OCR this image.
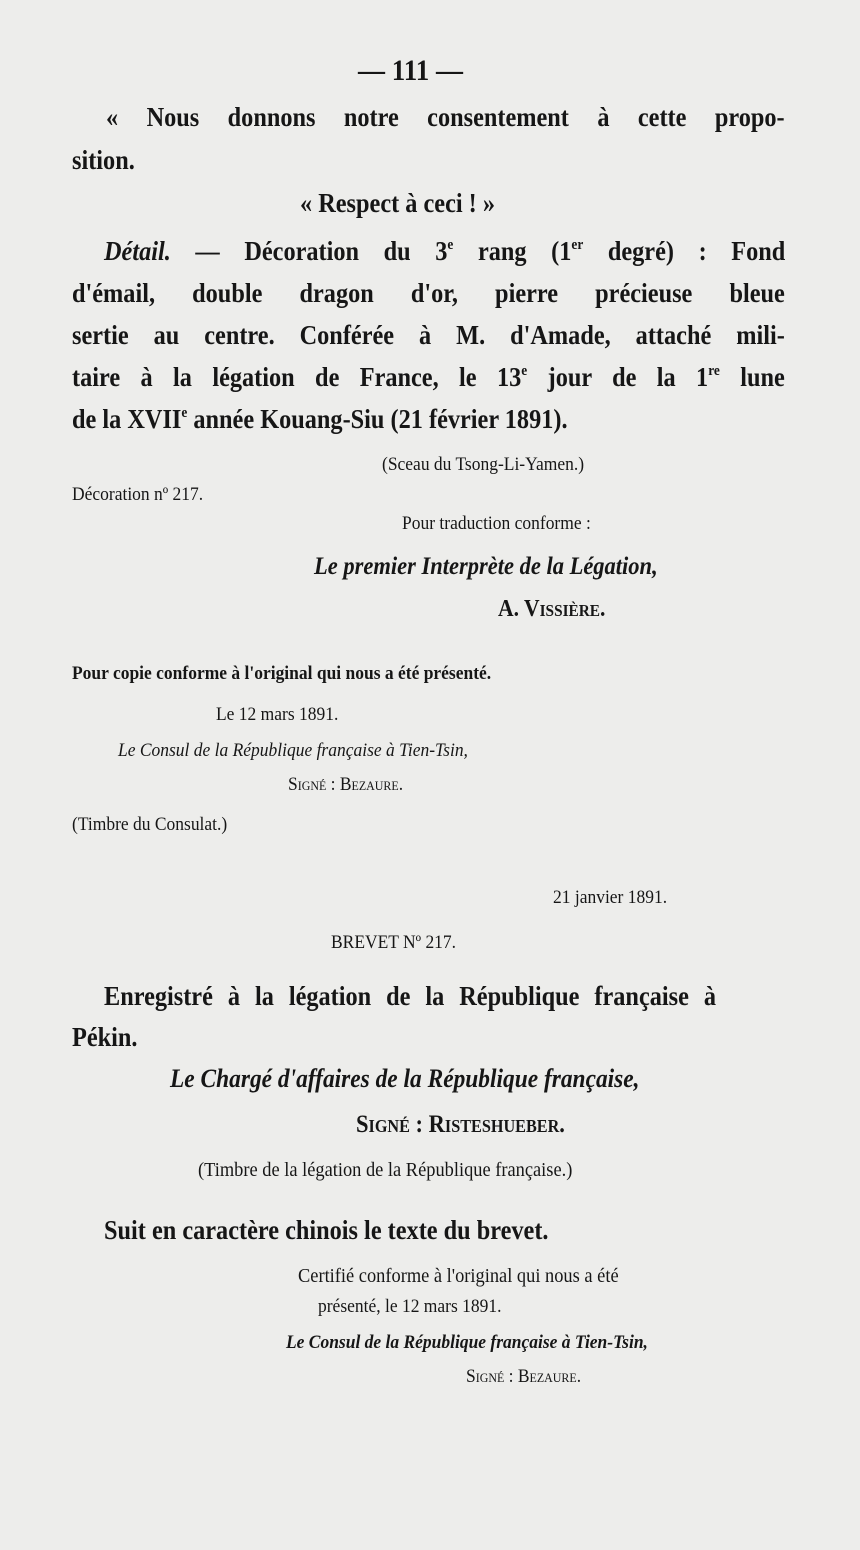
— 111 —
« Nous donnons notre consentement à cette propo-
sition.
« Respect à ceci ! »
Détail. — Décoration du 3e rang (1er degré) : Fond
d'émail, double dragon d'or, pierre précieuse bleue
sertie au centre. Conférée à M. d'Amade, attaché mili-
taire à la légation de France, le 13e jour de la 1re lune
de la XVIIe année Kouang-Siu (21 février 1891).
(Sceau du Tsong-Li-Yamen.)
Décoration nº 217.
Pour traduction conforme :
Le premier Interprète de la Légation,
A. Vissière.
Pour copie conforme à l'original qui nous a été présenté.
Le 12 mars 1891.
Le Consul de la République française à Tien-Tsin,
Signé : Bezaure.
(Timbre du Consulat.)
21 janvier 1891.
BREVET Nº 217.
Enregistré à la légation de la République française à
Pékin.
Le Chargé d'affaires de la République française,
Signé : Ristеshueber.
(Timbre de la légation de la République française.)
Suit en caractère chinois le texte du brevet.
Certifié conforme à l'original qui nous a été
présenté, le 12 mars 1891.
Le Consul de la République française à Tien-Tsin,
Signé : Bezaure.
